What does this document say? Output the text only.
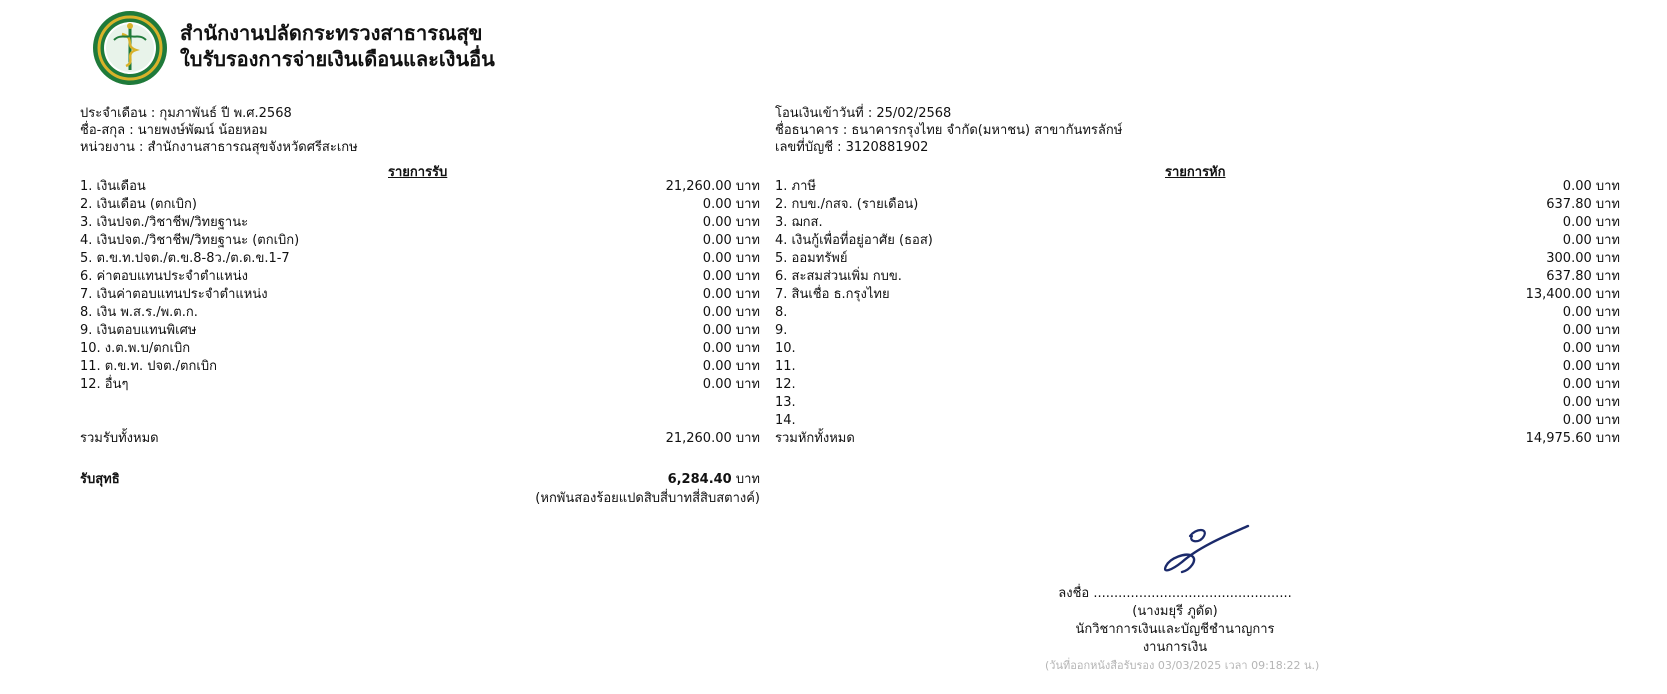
สำนักงานปลัดกระทรวงสาธารณสุข
ใบรับรองการจ่ายเงินเดือนและเงินอื่น
ประจำเดือน : กุมภาพันธ์ ปี พ.ศ.2568
ชื่อ-สกุล : นายพงษ์พัฒน์ น้อยหอม
หน่วยงาน : สำนักงานสาธารณสุขจังหวัดศรีสะเกษ
โอนเงินเข้าวันที่ : 25/02/2568
ชื่อธนาคาร : ธนาคารกรุงไทย จำกัด(มหาชน) สาขากันทรลักษ์
เลขที่บัญชี : 3120881902
รายการรับ	รายการหัก
1. เงินเดือน	21,260.00 บาท
2. เงินเดือน (ตกเบิก)	0.00 บาท
3. เงินปจต./วิชาชีพ/วิทยฐานะ	0.00 บาท
4. เงินปจต./วิชาชีพ/วิทยฐานะ (ตกเบิก)	0.00 บาท
5. ต.ข.ท.ปจต./ต.ข.8-8ว./ต.ด.ข.1-7	0.00 บาท
6. ค่าตอบแทนประจำตำแหน่ง	0.00 บาท
7. เงินค่าตอบแทนประจำตำแหน่ง	0.00 บาท
8. เงิน พ.ส.ร./พ.ต.ก.	0.00 บาท
9. เงินตอบแทนพิเศษ	0.00 บาท
10. ง.ต.พ.บ/ตกเบิก	0.00 บาท
11. ต.ข.ท. ปจต./ตกเบิก	0.00 บาท
12. อื่นๆ	0.00 บาท
1. ภาษี	0.00 บาท
2. กบข./กสจ. (รายเดือน)	637.80 บาท
3. ฌกส.	0.00 บาท
4. เงินกู้เพื่อที่อยู่อาศัย (ธอส)	0.00 บาท
5. ออมทรัพย์	300.00 บาท
6. สะสมส่วนเพิ่ม กบข.	637.80 บาท
7. สินเชื่อ ธ.กรุงไทย	13,400.00 บาท
8.	0.00 บาท
9.	0.00 บาท
10.	0.00 บาท
11.	0.00 บาท
12.	0.00 บาท
13.	0.00 บาท
14.	0.00 บาท
รวมรับทั้งหมด	21,260.00 บาท รวมหักทั้งหมด	14,975.60 บาท
รับสุทธิ	6,284.40 บาท
(หกพันสองร้อยแปดสิบสี่บาทสี่สิบสตางค์)
ลงชื่อ ................................................
(นางมยุรี ภูดัด)
นักวิชาการเงินและบัญชีชำนาญการ
งานการเงิน
(วันที่ออกหนังสือรับรอง 03/03/2025 เวลา 09:18:22 น.)
